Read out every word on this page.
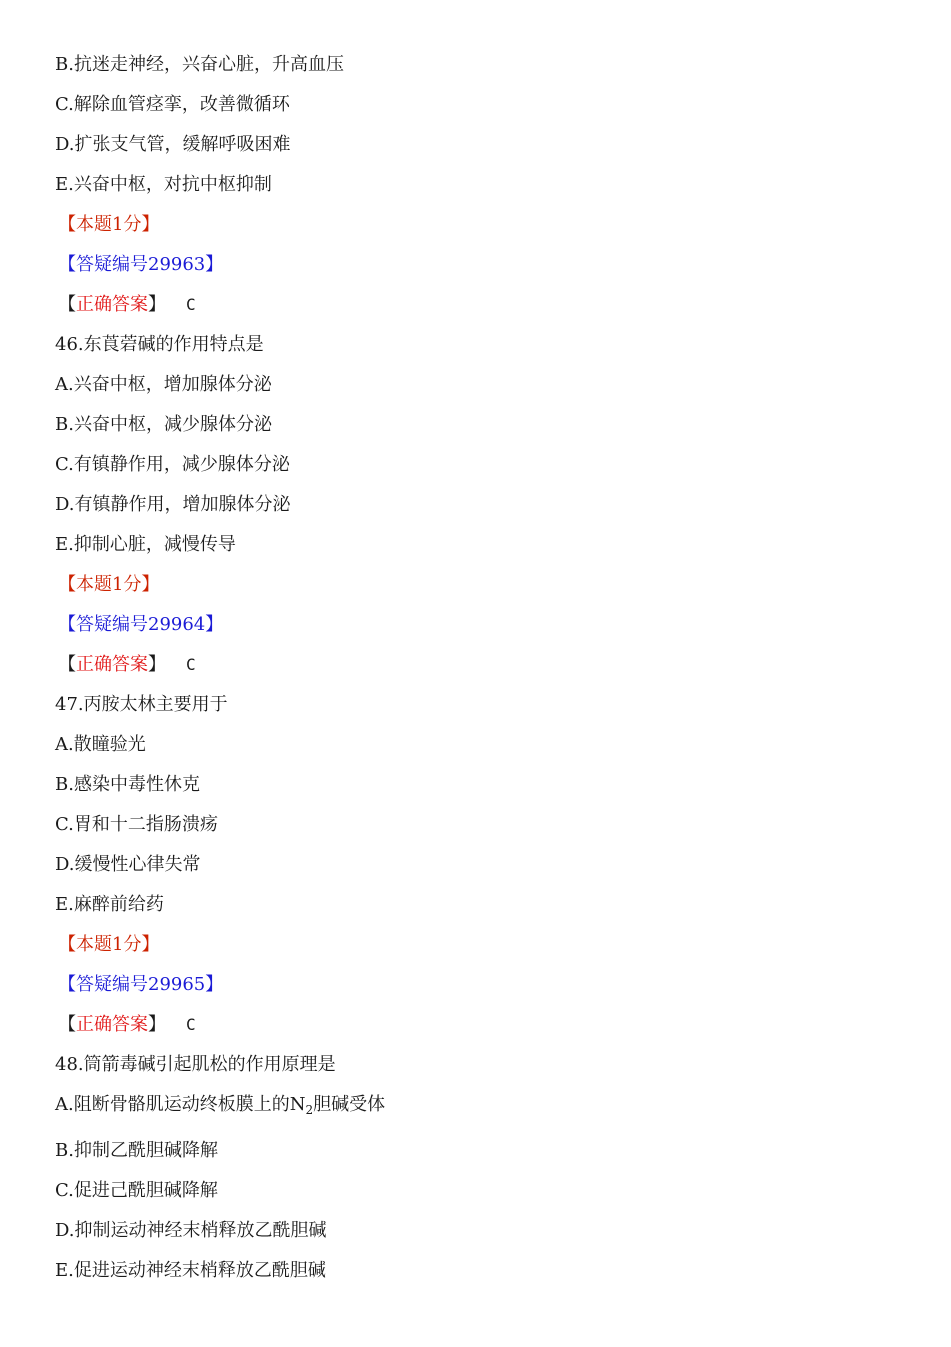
B.抗迷走神经，兴奋心脏，升高血压
C.解除血管痉挛，改善微循环
D.扩张支气管，缓解呼吸困难
E.兴奋中枢，对抗中枢抑制
【本题1分】
【答疑编号29963】
【正确答案】 C
46.东莨菪碱的作用特点是
A.兴奋中枢，增加腺体分泌
B.兴奋中枢，减少腺体分泌
C.有镇静作用，减少腺体分泌
D.有镇静作用，增加腺体分泌
E.抑制心脏，减慢传导
【本题1分】
【答疑编号29964】
【正确答案】 C
47.丙胺太林主要用于
A.散瞳验光
B.感染中毒性休克
C.胃和十二指肠溃疡
D.缓慢性心律失常
E.麻醉前给药
【本题1分】
【答疑编号29965】
【正确答案】 C
48.筒箭毒碱引起肌松的作用原理是
A.阻断骨骼肌运动终板膜上的$N_2$胆碱受体
B.抑制乙酰胆碱降解
C.促进己酰胆碱降解
D.抑制运动神经末梢释放乙酰胆碱
E.促进运动神经末梢释放乙酰胆碱
